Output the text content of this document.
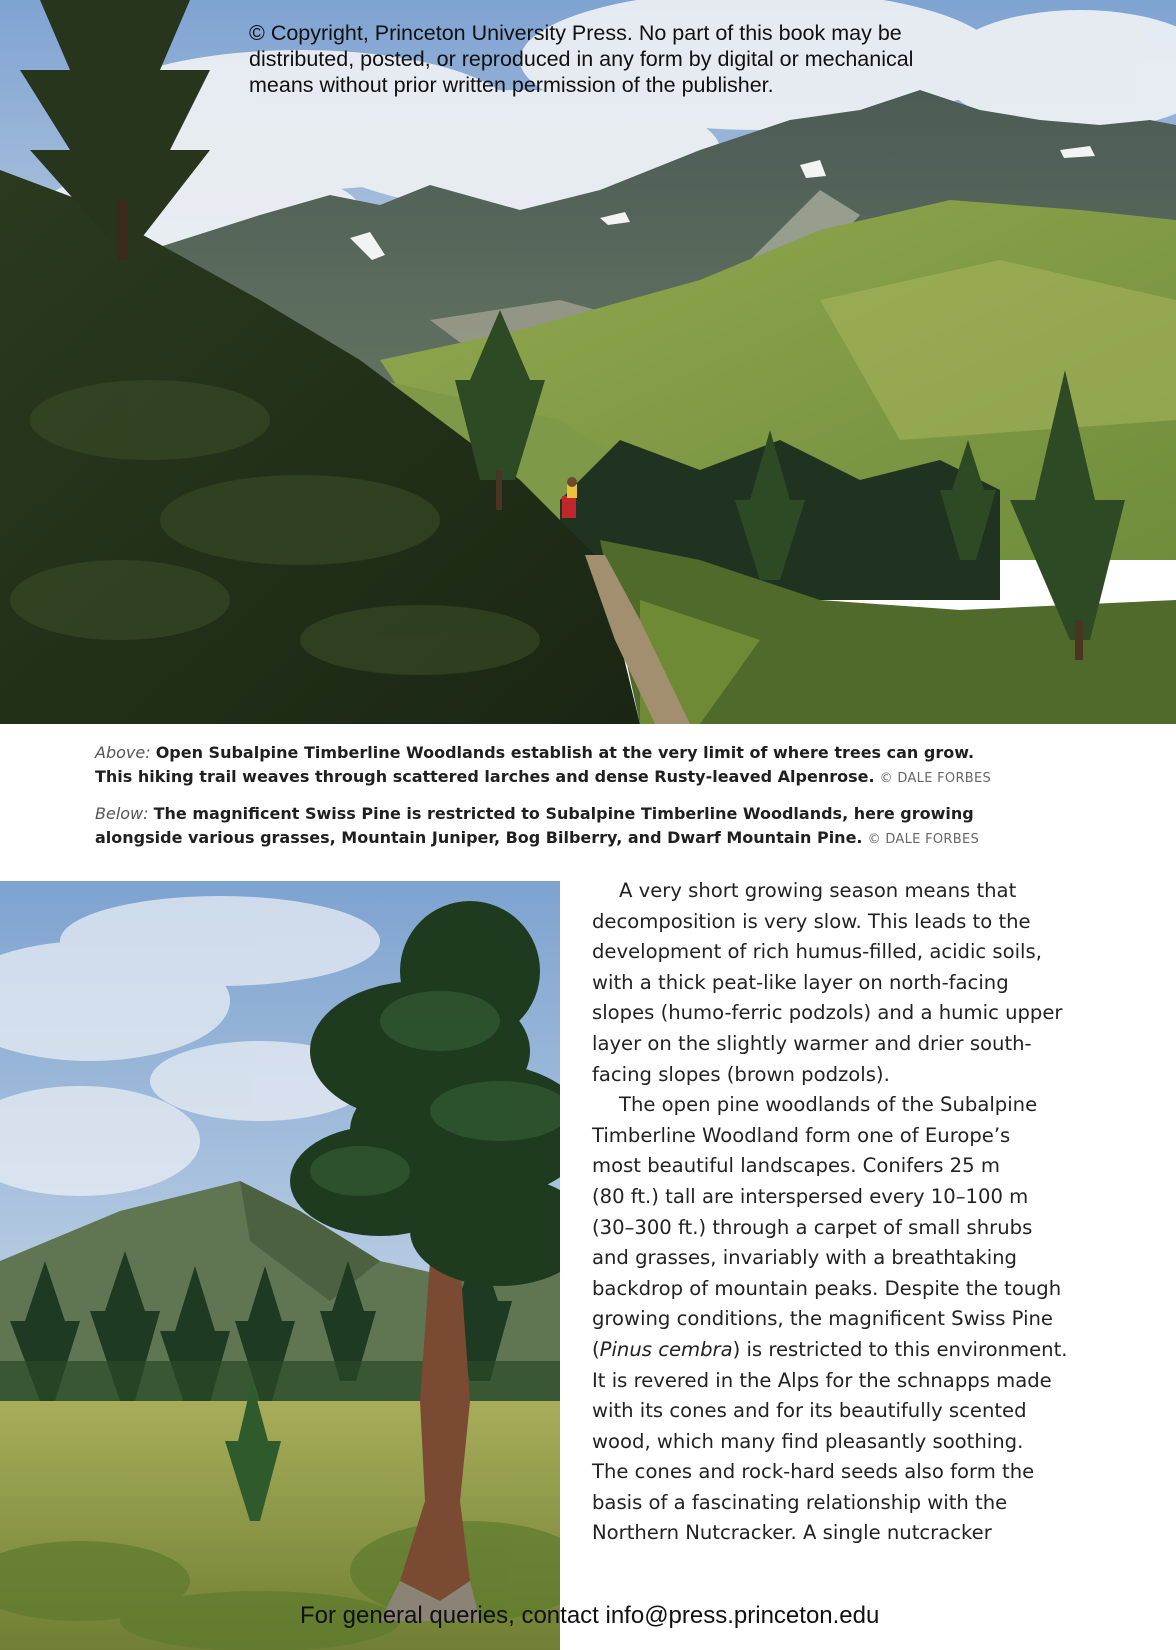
© Copyright, Princeton University Press. No part of this book may be
distributed, posted, or reproduced in any form by digital or mechanical
means without prior written permission of the publisher.
Above: Open Subalpine Timberline Woodlands establish at the very limit of where trees can grow.
This hiking trail weaves through scattered larches and dense Rusty-leaved Alpenrose. © DALE FORBES
Below: The magnificent Swiss Pine is restricted to Subalpine Timberline Woodlands, here growing
alongside various grasses, Mountain Juniper, Bog Bilberry, and Dwarf Mountain Pine. © DALE FORBES
A very short growing season means that
decomposition is very slow. This leads to the
development of rich humus-filled, acidic soils,
with a thick peat-like layer on north-facing
slopes (humo-ferric podzols) and a humic upper
layer on the slightly warmer and drier south-
facing slopes (brown podzols).
The open pine woodlands of the Subalpine
Timberline Woodland form one of Europe’s
most beautiful landscapes. Conifers 25 m
(80 ft.) tall are interspersed every 10–100 m
(30–300 ft.) through a carpet of small shrubs
and grasses, invariably with a breathtaking
backdrop of mountain peaks. Despite the tough
growing conditions, the magnificent Swiss Pine
(Pinus cembra) is restricted to this environment.
It is revered in the Alps for the schnapps made
with its cones and for its beautifully scented
wood, which many find pleasantly soothing.
The cones and rock-hard seeds also form the
basis of a fascinating relationship with the
Northern Nutcracker. A single nutcracker
For general queries, contact info@press.princeton.edu
